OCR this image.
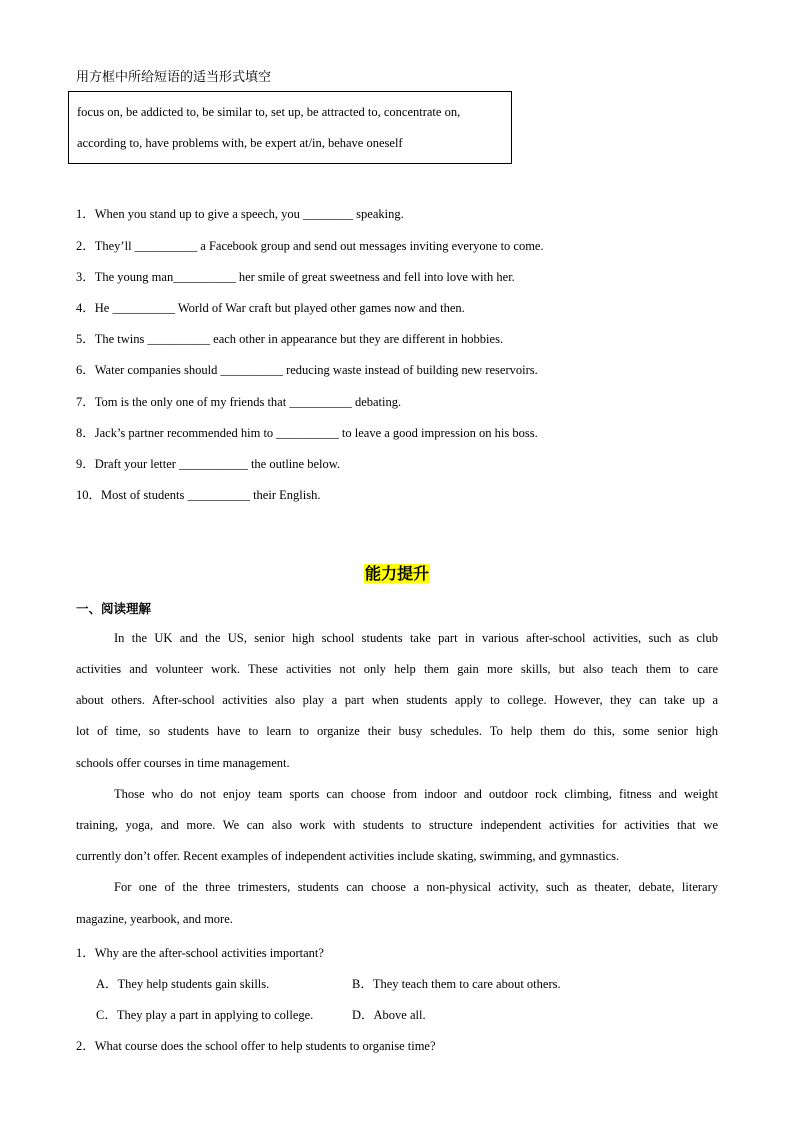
用方框中所给短语的适当形式填空
focus on, be addicted to, be similar to, set up, be attracted to, concentrate on,
according to, have problems with, be expert at/in, behave oneself
1．When you stand up to give a speech, you ________ speaking.
2．They’ll __________ a Facebook group and send out messages inviting everyone to come.
3．The young man__________ her smile of great sweetness and fell into love with her.
4．He __________ World of War craft but played other games now and then.
5．The twins __________ each other in appearance but they are different in hobbies.
6．Water companies should __________ reducing waste instead of building new reservoirs.
7．Tom is the only one of my friends that __________ debating.
8．Jack’s partner recommended him to __________ to leave a good impression on his boss.
9．Draft your letter ___________ the outline below.
10．Most of students __________ their English.
能力提升
一、阅读理解
In the UK and the US, senior high school students take part in various after-school activities, such as club
activities and volunteer work. These activities not only help them gain more skills, but also teach them to care
about others. After-school activities also play a part when students apply to college. However, they can take up a
lot of time, so students have to learn to organize their busy schedules. To help them do this, some senior high
schools offer courses in time management.
Those who do not enjoy team sports can choose from indoor and outdoor rock climbing, fitness and weight
training, yoga, and more. We can also work with students to structure independent activities for activities that we
currently don’t offer. Recent examples of independent activities include skating, swimming, and gymnastics.
For one of the three trimesters, students can choose a non-physical activity, such as theater, debate, literary
magazine, yearbook, and more.
1．Why are the after-school activities important?
A．They help students gain skills.	B．They teach them to care about others.
C．They play a part in applying to college.	D．Above all.
2．What course does the school offer to help students to organise time?
